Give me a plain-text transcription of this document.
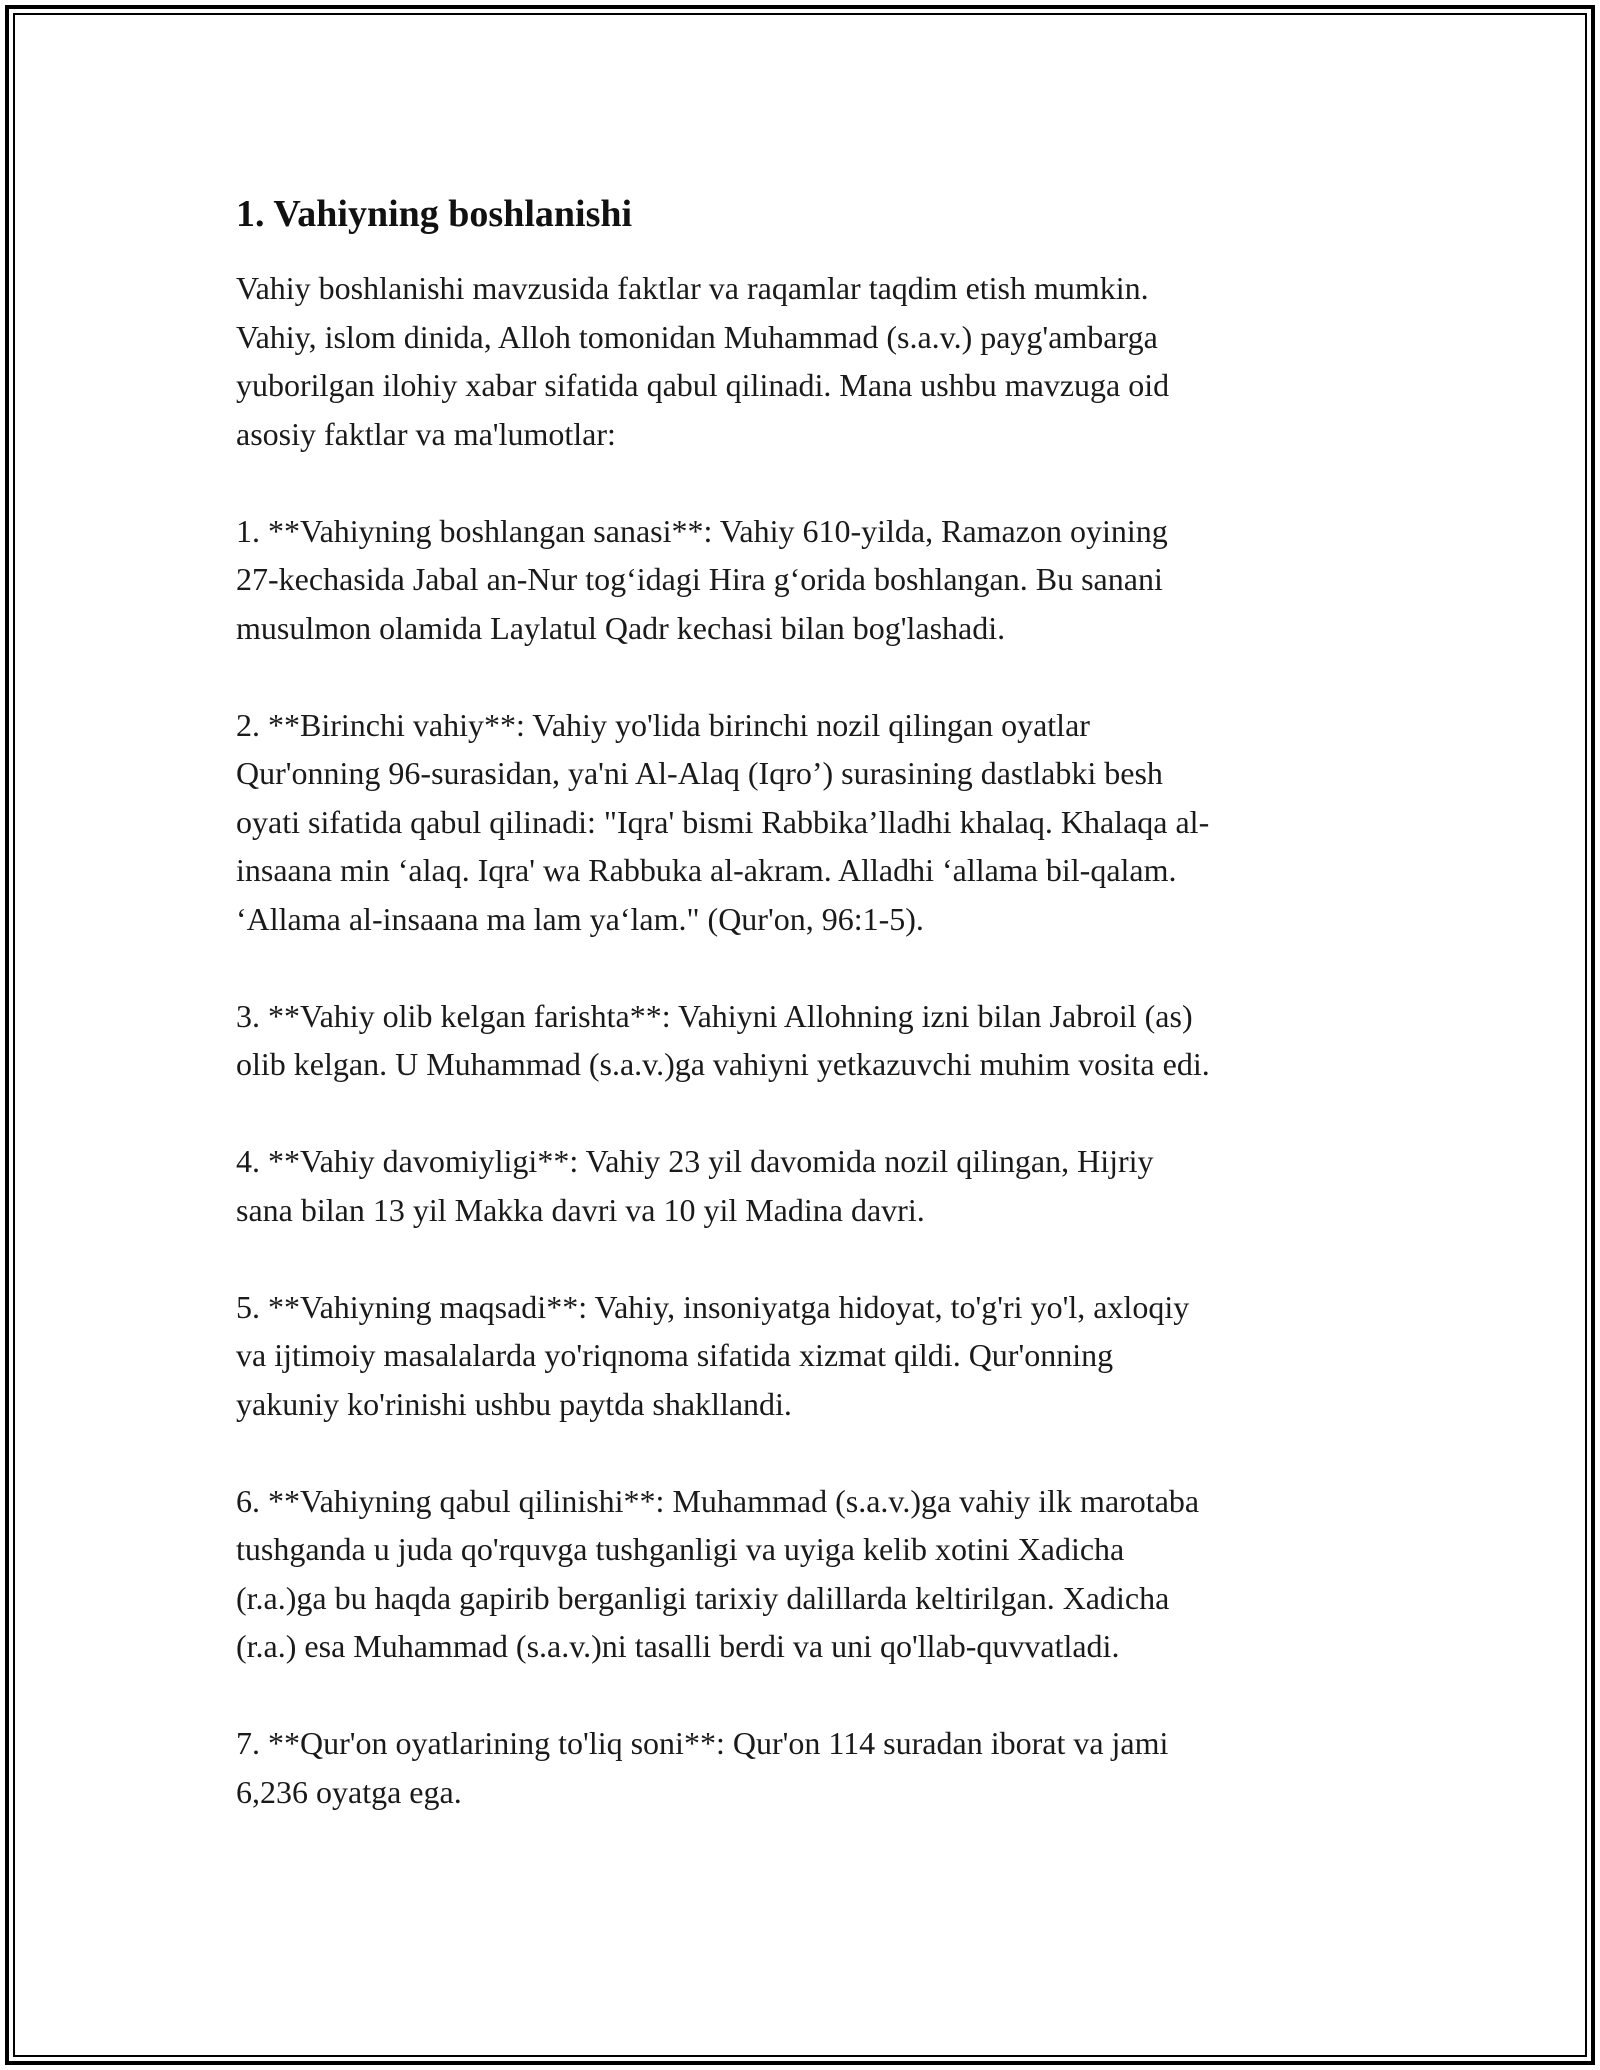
1. Vahiyning boshlanishi

Vahiy boshlanishi mavzusida faktlar va raqamlar taqdim etish mumkin.
Vahiy, islom dinida, Alloh tomonidan Muhammad (s.a.v.) payg'ambarga
yuborilgan ilohiy xabar sifatida qabul qilinadi. Mana ushbu mavzuga oid
asosiy faktlar va ma'lumotlar:

1. **Vahiyning boshlangan sanasi**: Vahiy 610-yilda, Ramazon oyining
27-kechasida Jabal an-Nur tog‘idagi Hira g‘orida boshlangan. Bu sanani
musulmon olamida Laylatul Qadr kechasi bilan bog'lashadi.

2. **Birinchi vahiy**: Vahiy yo'lida birinchi nozil qilingan oyatlar
Qur'onning 96-surasidan, ya'ni Al-Alaq (Iqro’) surasining dastlabki besh
oyati sifatida qabul qilinadi: "Iqra' bismi Rabbika’lladhi khalaq. Khalaqa al-
insaana min ‘alaq. Iqra' wa Rabbuka al-akram. Alladhi ‘allama bil-qalam.
‘Allama al-insaana ma lam ya‘lam." (Qur'on, 96:1-5).

3. **Vahiy olib kelgan farishta**: Vahiyni Allohning izni bilan Jabroil (as)
olib kelgan. U Muhammad (s.a.v.)ga vahiyni yetkazuvchi muhim vosita edi.

4. **Vahiy davomiyligi**: Vahiy 23 yil davomida nozil qilingan, Hijriy
sana bilan 13 yil Makka davri va 10 yil Madina davri.

5. **Vahiyning maqsadi**: Vahiy, insoniyatga hidoyat, to'g'ri yo'l, axloqiy
va ijtimoiy masalalarda yo'riqnoma sifatida xizmat qildi. Qur'onning
yakuniy ko'rinishi ushbu paytda shakllandi.

6. **Vahiyning qabul qilinishi**: Muhammad (s.a.v.)ga vahiy ilk marotaba
tushganda u juda qo'rquvga tushganligi va uyiga kelib xotini Xadicha
(r.a.)ga bu haqda gapirib berganligi tarixiy dalillarda keltirilgan. Xadicha
(r.a.) esa Muhammad (s.a.v.)ni tasalli berdi va uni qo'llab-quvvatladi.

7. **Qur'on oyatlarining to'liq soni**: Qur'on 114 suradan iborat va jami
6,236 oyatga ega.
